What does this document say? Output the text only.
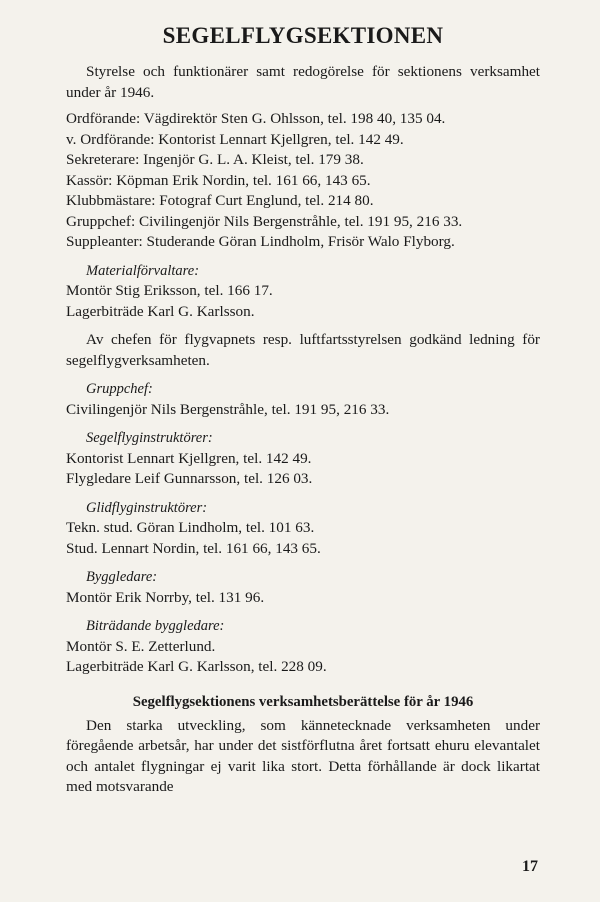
SEGELFLYGSEKTIONEN

Styrelse och funktionärer samt redogörelse för sektionens verksamhet under år 1946.

Ordförande: Vägdirektör Sten G. Ohlsson, tel. 198 40, 135 04.

v. Ordförande: Kontorist Lennart Kjellgren, tel. 142 49.

Sekreterare: Ingenjör G. L. A. Kleist, tel. 179 38.

Kassör: Köpman Erik Nordin, tel. 161 66, 143 65.

Klubbmästare: Fotograf Curt Englund, tel. 214 80.

Gruppchef: Civilingenjör Nils Bergenstråhle, tel. 191 95, 216 33.

Suppleanter: Studerande Göran Lindholm, Frisör Walo Flyborg.

Materialförvaltare:

Montör Stig Eriksson, tel. 166 17.

Lagerbiträde Karl G. Karlsson.

Av chefen för flygvapnets resp. luftfartsstyrelsen godkänd ledning för segelflygverksamheten.

Gruppchef:

Civilingenjör Nils Bergenstråhle, tel. 191 95, 216 33.

Segelflyginstruktörer:

Kontorist Lennart Kjellgren, tel. 142 49.

Flygledare Leif Gunnarsson, tel. 126 03.

Glidflyginstruktörer:

Tekn. stud. Göran Lindholm, tel. 101 63.

Stud. Lennart Nordin, tel. 161 66, 143 65.

Byggledare:

Montör Erik Norrby, tel. 131 96.

Biträdande byggledare:

Montör S. E. Zetterlund.

Lagerbiträde Karl G. Karlsson, tel. 228 09.

Segelflygsektionens verksamhetsberättelse för år 1946

Den starka utveckling, som kännetecknade verksamheten under föregående arbetsår, har under det sistförflutna året fortsatt ehuru elevantalet och antalet flygningar ej varit lika stort. Detta förhållande är dock likartat med motsvarande

17
